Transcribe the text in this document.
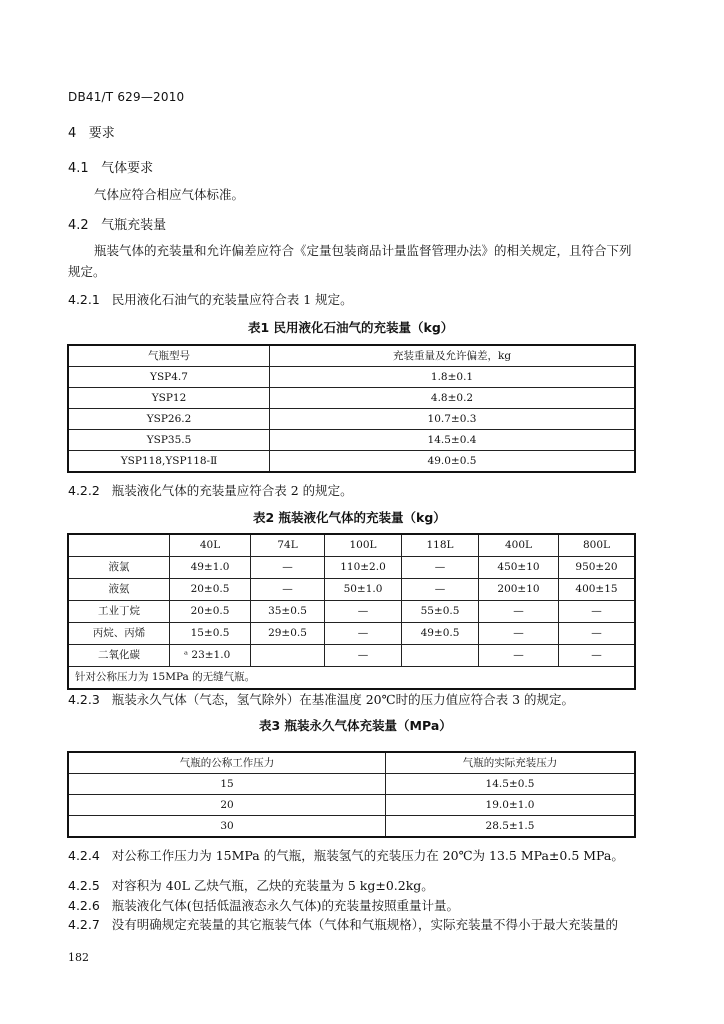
DB41/T 629—2010
4 要求
4.1 气体要求
气体应符合相应气体标准。
4.2 气瓶充装量
瓶装气体的充装量和允许偏差应符合《定量包装商品计量监督管理办法》的相关规定，且符合下列
规定。
4.2.1 民用液化石油气的充装量应符合表 1 规定。
表1 民用液化石油气的充装量（kg）
气瓶型号	充装重量及允许偏差，kg
YSP4.7	1.8±0.1
YSP12	4.8±0.2
YSP26.2	10.7±0.3
YSP35.5	14.5±0.4
YSP118,YSP118-Ⅱ	49.0±0.5
4.2.2 瓶装液化气体的充装量应符合表 2 的规定。
表2 瓶装液化气体的充装量（kg）
	40L	74L	100L	118L	400L	800L
液氯	49±1.0	—	110±2.0	—	450±10	950±20
液氨	20±0.5	—	50±1.0	—	200±10	400±15
工业丁烷	20±0.5	35±0.5	—	55±0.5	—	—
丙烷、丙烯	15±0.5	29±0.5	—	49±0.5	—	—
二氧化碳	ᵃ 23±1.0		—		—	—
针对公称压力为 15MPa 的无缝气瓶。						
4.2.3 瓶装永久气体（气态，氢气除外）在基准温度 20℃时的压力值应符合表 3 的规定。
表3 瓶装永久气体充装量（MPa）
气瓶的公称工作压力	气瓶的实际充装压力
15	14.5±0.5
20	19.0±1.0
30	28.5±1.5
4.2.4 对公称工作压力为 15MPa 的气瓶，瓶装氢气的充装压力在 20℃为 13.5 MPa±0.5 MPa。
4.2.5 对容积为 40L 乙炔气瓶，乙炔的充装量为 5 kg±0.2kg。
4.2.6 瓶装液化气体(包括低温液态永久气体)的充装量按照重量计量。
4.2.7 没有明确规定充装量的其它瓶装气体（气体和气瓶规格），实际充装量不得小于最大充装量的
182
